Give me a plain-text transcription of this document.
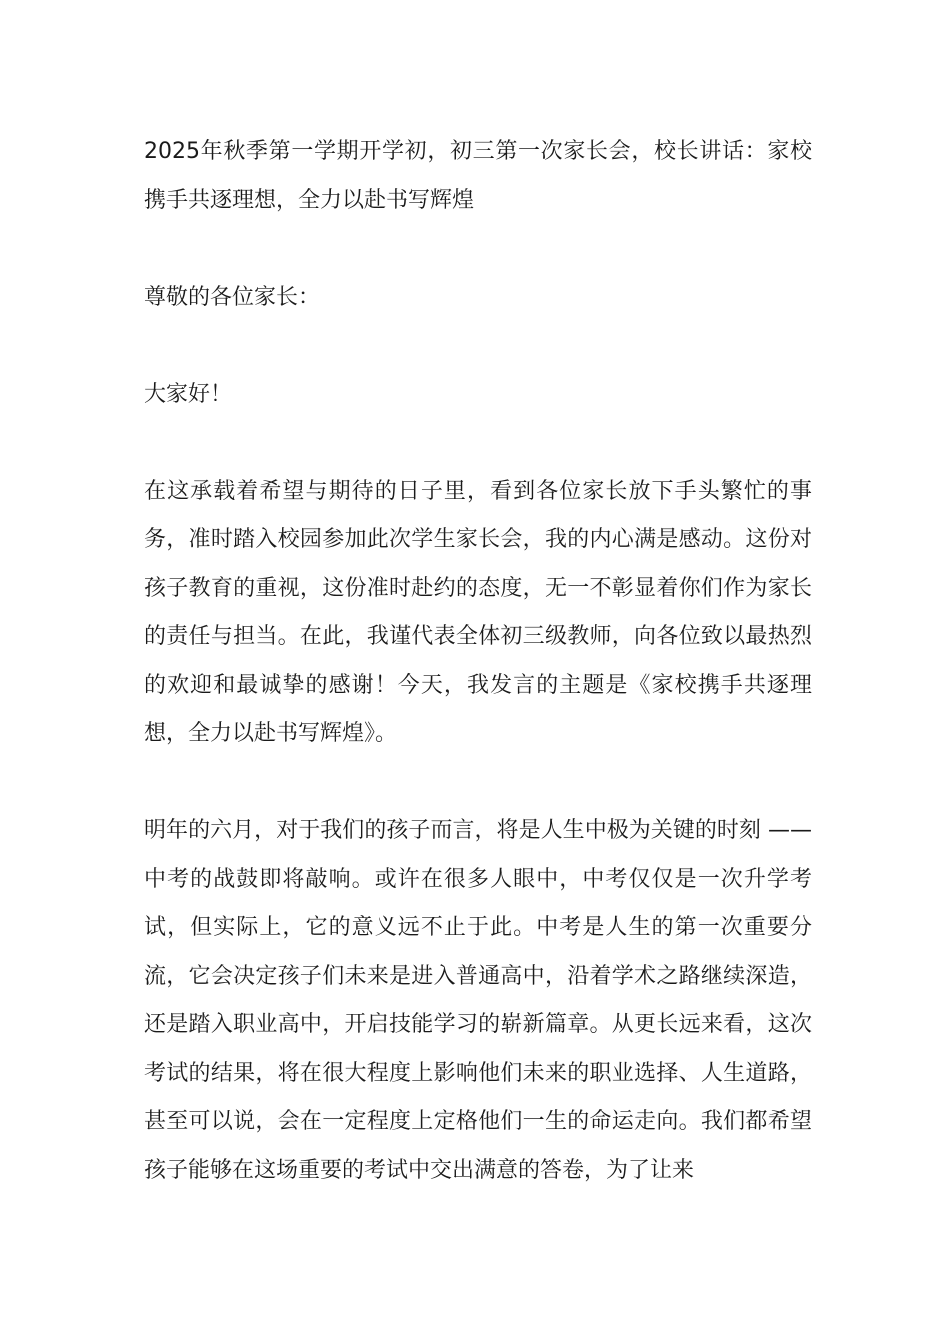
2025年秋季第一学期开学初，初三第一次家长会，校长讲话：家校携手共逐理想，全力以赴书写辉煌

尊敬的各位家长：

大家好！

在这承载着希望与期待的日子里，看到各位家长放下手头繁忙的事务，准时踏入校园参加此次学生家长会，我的内心满是感动。这份对孩子教育的重视，这份准时赴约的态度，无一不彰显着你们作为家长的责任与担当。在此，我谨代表全体初三级教师，向各位致以最热烈的欢迎和最诚挚的感谢！今天，我发言的主题是《家校携手共逐理想，全力以赴书写辉煌》。

明年的六月，对于我们的孩子而言，将是人生中极为关键的时刻 —— 中考的战鼓即将敲响。或许在很多人眼中，中考仅仅是一次升学考试，但实际上，它的意义远不止于此。中考是人生的第一次重要分流，它会决定孩子们未来是进入普通高中，沿着学术之路继续深造，还是踏入职业高中，开启技能学习的崭新篇章。从更长远来看，这次考试的结果，将在很大程度上影响他们未来的职业选择、人生道路，甚至可以说，会在一定程度上定格他们一生的命运走向。我们都希望孩子能够在这场重要的考试中交出满意的答卷，为了让来
